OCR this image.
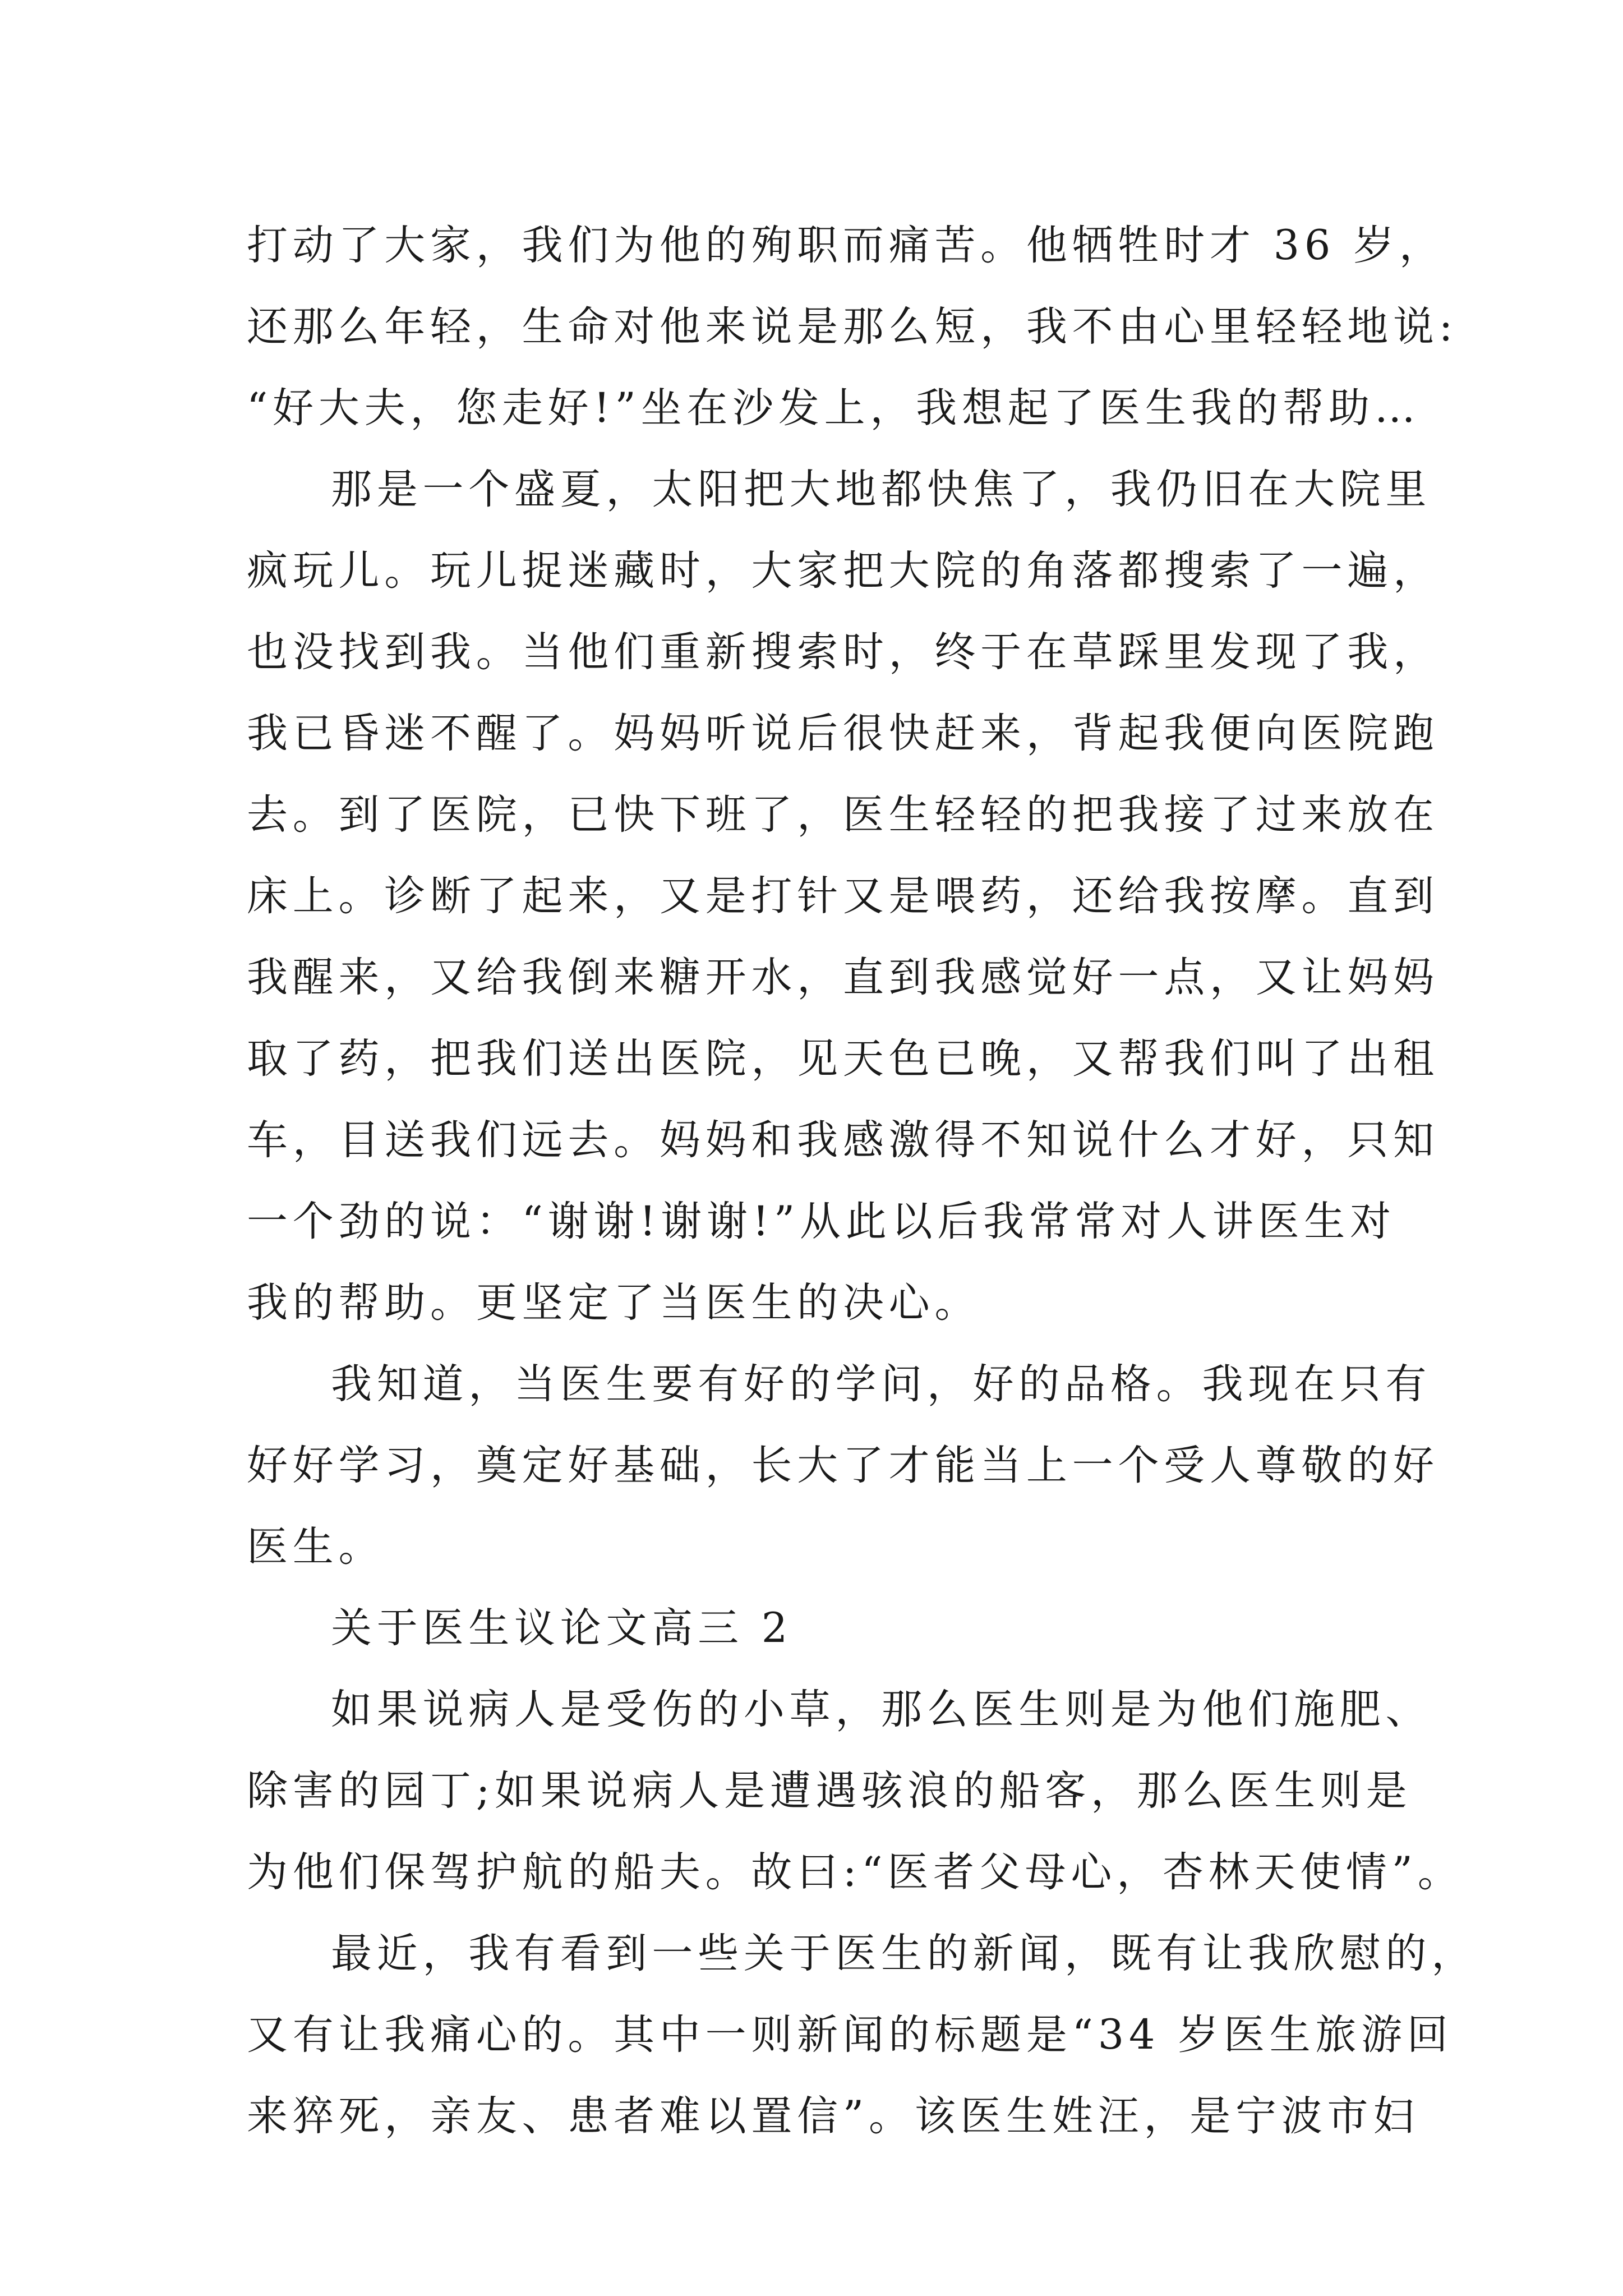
打动了大家，我们为他的殉职而痛苦。他牺牲时才 36 岁，
还那么年轻，生命对他来说是那么短，我不由心里轻轻地说:
“好大夫，您走好!”坐在沙发上，我想起了医生我的帮助…
那是一个盛夏，太阳把大地都快焦了，我仍旧在大院里
疯玩儿。玩儿捉迷藏时，大家把大院的角落都搜索了一遍，
也没找到我。当他们重新搜索时，终于在草踩里发现了我，
我已昏迷不醒了。妈妈听说后很快赶来，背起我便向医院跑
去。到了医院，已快下班了，医生轻轻的把我接了过来放在
床上。诊断了起来，又是打针又是喂药，还给我按摩。直到
我醒来，又给我倒来糖开水，直到我感觉好一点，又让妈妈
取了药，把我们送出医院，见天色已晚，又帮我们叫了出租
车，目送我们远去。妈妈和我感激得不知说什么才好，只知
一个劲的说：“谢谢!谢谢!”从此以后我常常对人讲医生对
我的帮助。更坚定了当医生的决心。
我知道，当医生要有好的学问，好的品格。我现在只有
好好学习，奠定好基础，长大了才能当上一个受人尊敬的好
医生。
关于医生议论文高三 2
如果说病人是受伤的小草，那么医生则是为他们施肥、
除害的园丁;如果说病人是遭遇骇浪的船客，那么医生则是
为他们保驾护航的船夫。故曰:“医者父母心，杏林天使情”。
最近，我有看到一些关于医生的新闻，既有让我欣慰的，
又有让我痛心的。其中一则新闻的标题是“34 岁医生旅游回
来猝死，亲友、患者难以置信”。该医生姓汪，是宁波市妇
